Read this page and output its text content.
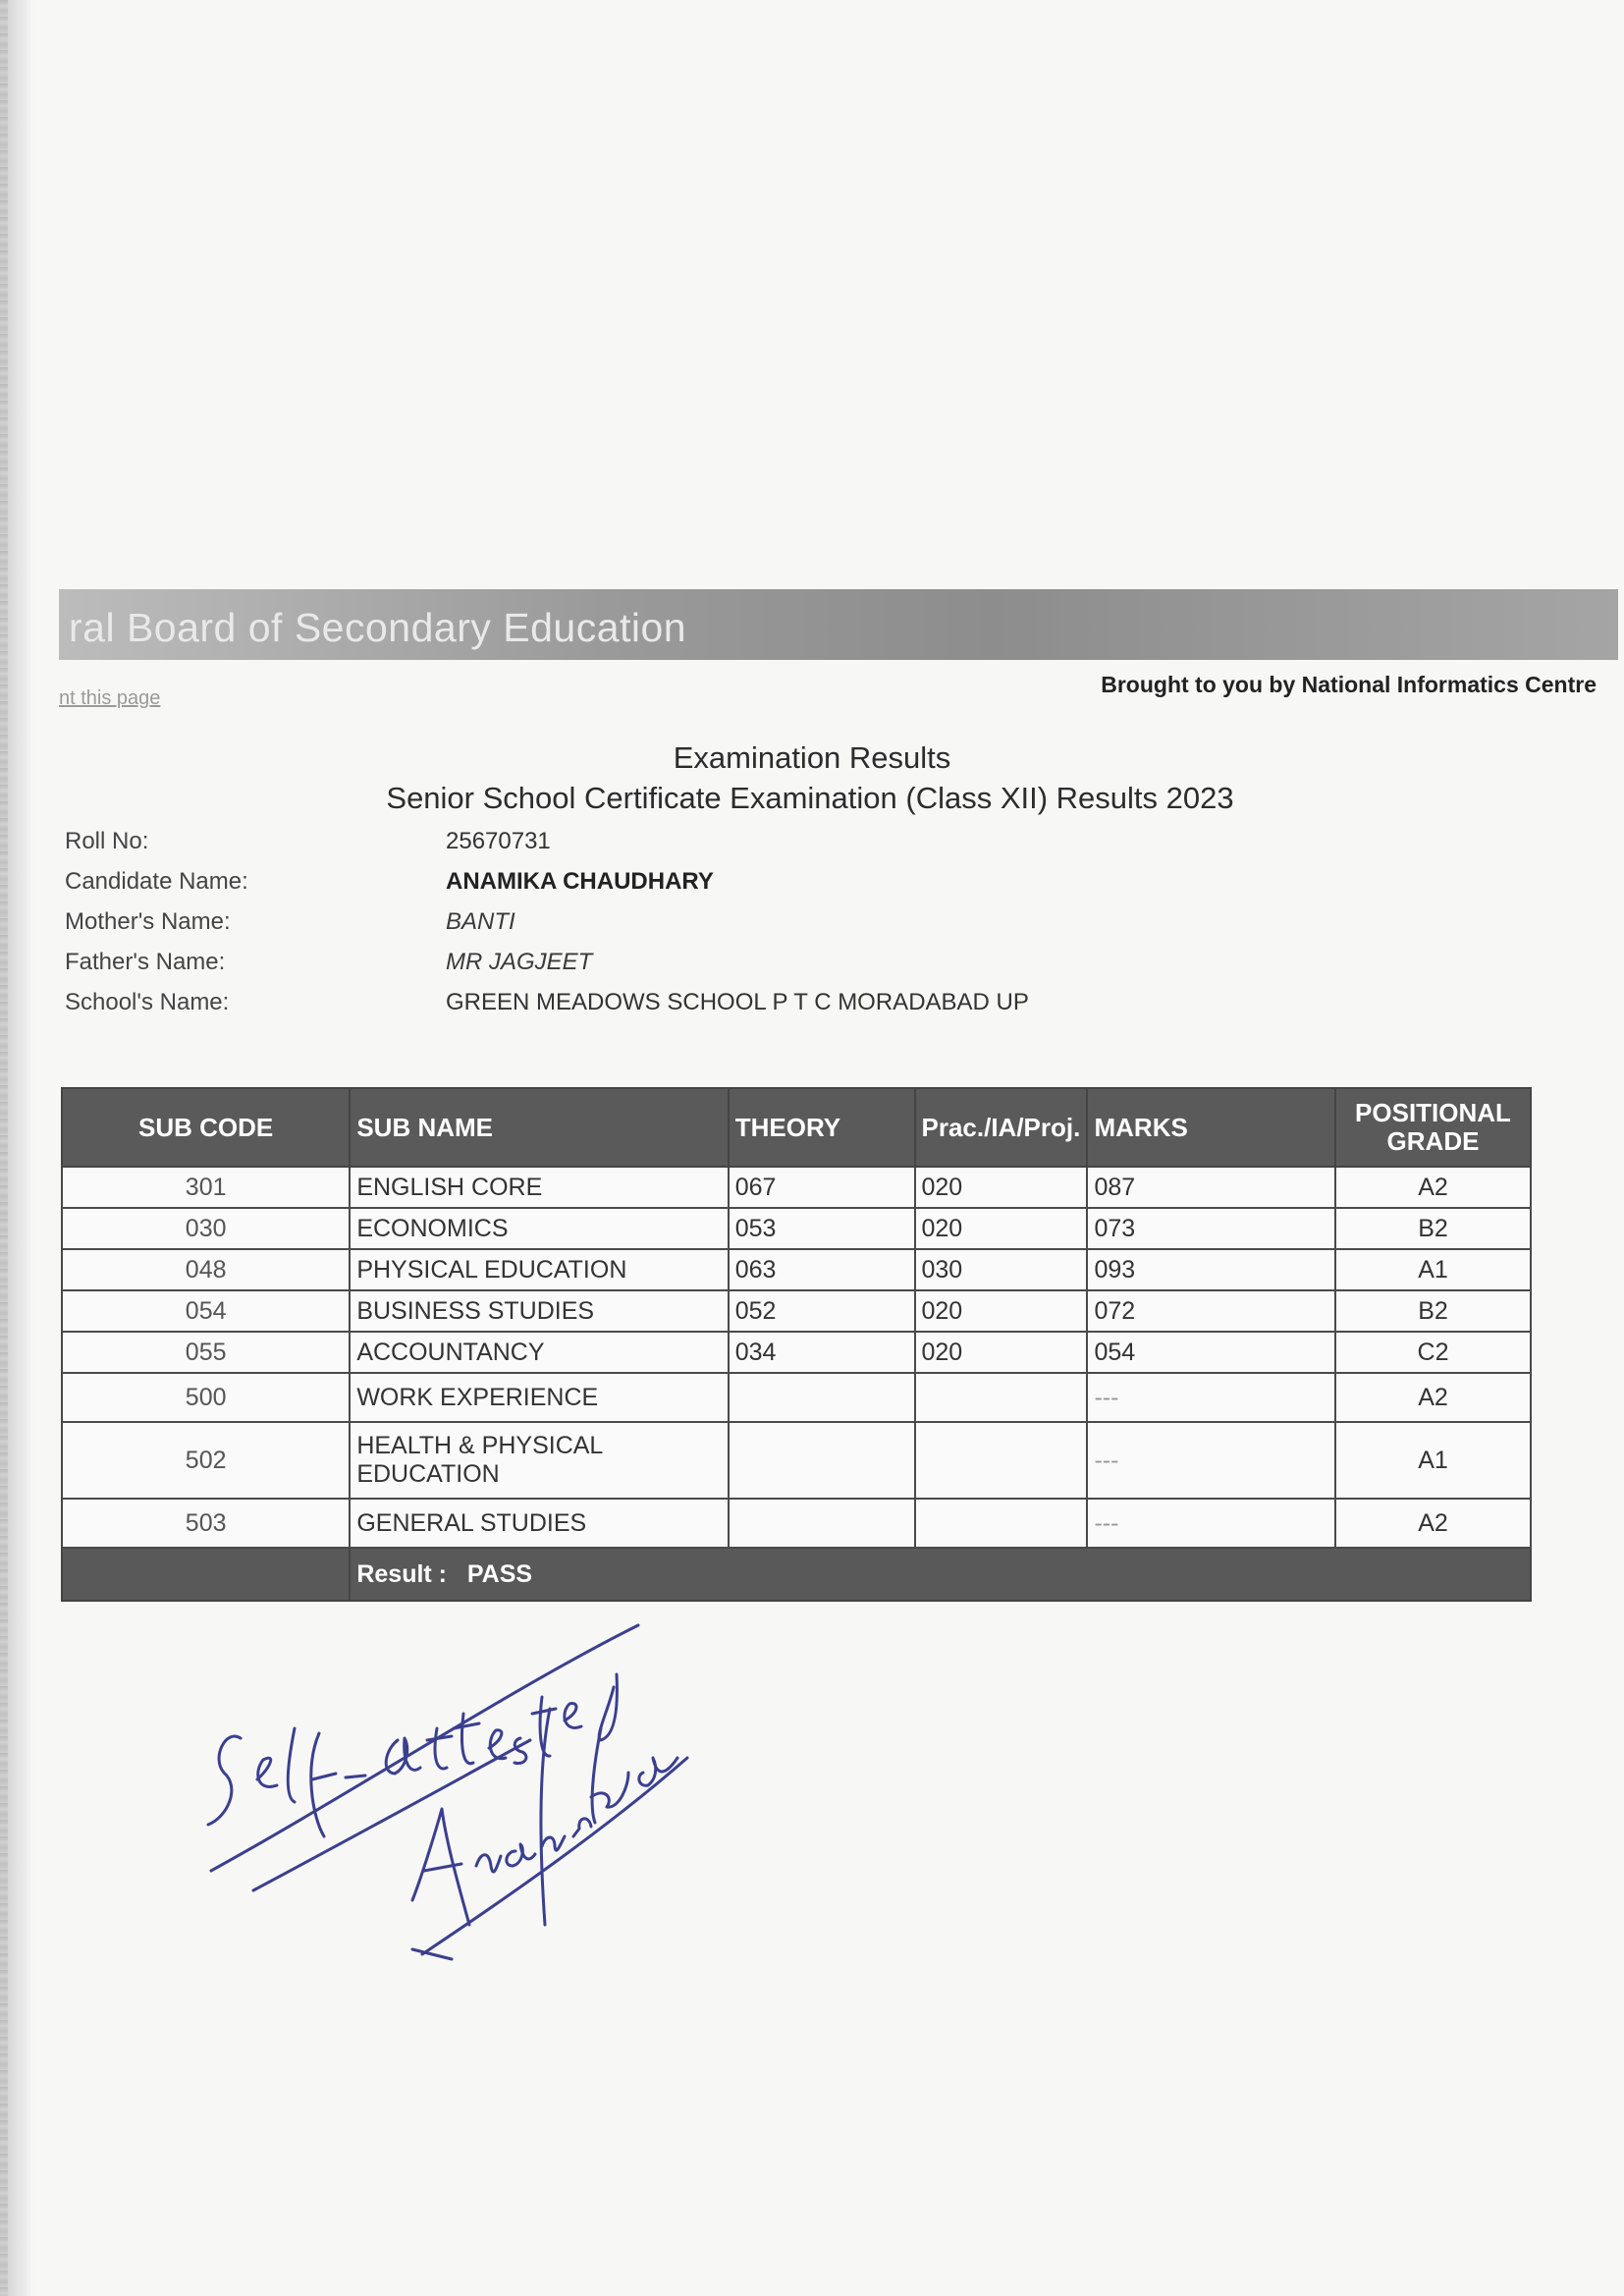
ral Board of Secondary Education
nt this page
Brought to you by National Informatics Centre
Examination Results
Senior School Certificate Examination (Class XII) Results 2023
Roll No:	25670731
Candidate Name:	ANAMIKA CHAUDHARY
Mother's Name:	BANTI
Father's Name:	MR JAGJEET
School's Name:	GREEN MEADOWS SCHOOL P T C MORADABAD UP
SUB CODE	SUB NAME	THEORY	Prac./IA/Proj.	MARKS	POSITIONAL
GRADE
301	ENGLISH CORE	067	020	087	A2
030	ECONOMICS	053	020	073	B2
048	PHYSICAL EDUCATION	063	030	093	A1
054	BUSINESS STUDIES	052	020	072	B2
055	ACCOUNTANCY	034	020	054	C2
500	WORK EXPERIENCE			---	A2
502	HEALTH & PHYSICAL EDUCATION			---	A1
503	GENERAL STUDIES			---	A2
	Result : PASS				
